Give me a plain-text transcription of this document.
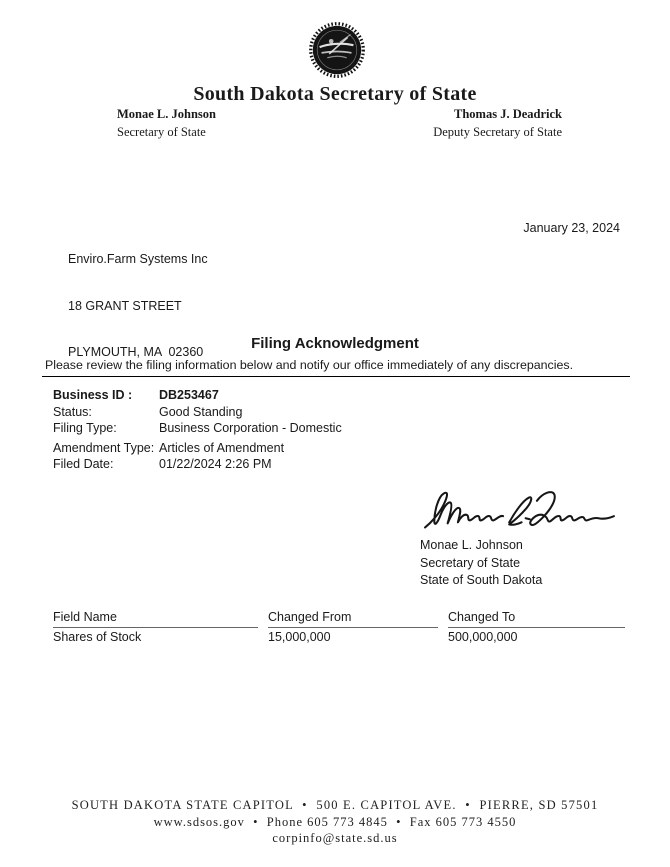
South Dakota Secretary of State
Monae L. Johnson
Secretary of State
Thomas J. Deadrick
Deputy Secretary of State

Enviro.Farm Systems Inc

18 GRANT STREET

PLYMOUTH, MA  02360

January 23, 2024
Filing Acknowledgment
Please review the filing information below and notify our office immediately of any discrepancies.
Business ID :	DB253467
Status:	Good Standing
Filing Type:	Business Corporation - Domestic
Amendment Type: Articles of Amendment
Filed Date:	01/22/2024 2:26 PM
Monae L. Johnson
Secretary of State
State of South Dakota
Field Name	Changed From	Changed To
Shares of Stock	15,000,000	500,000,000
SOUTH DAKOTA STATE CAPITOL  •  500 E. CAPITOL AVE.  •  PIERRE, SD 57501
www.sdsos.gov  •  Phone 605 773 4845  •  Fax 605 773 4550
corpinfo@state.sd.us
